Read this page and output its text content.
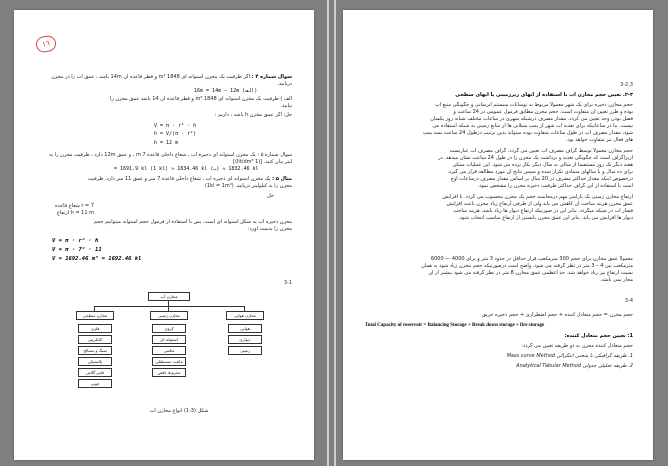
١٦
سوال شماره ۴ : اگر ظرفیت یک مخزن استوانه ای 1848 m³ و قطر قاعده آن 14m باشد ، عمق آب را در مخزن
دریابید.
16m = 14m − 12m (الف)
الف ) ظرفیت یک مخزن استوانه ای 1848 m³ و قطر قاعده آن 14 باشد عمق مخزن را
بیابید.
حل: اگر عمق مخزن h باشد ، داریم :
V = π · r² · h
h = V/(π · r²)
h = 12 m
سوال شماره ۵ : یک مخزن استوانه ای ذخیره آب ، شعاع داخلی قاعده 7 m ، و عمق 12m دارد ، ظرفیت مخزن را به
لیتر بیان کنید. [(1 lit/dm³)]
= 1691.9 kl (1 kl) ≈ 1834.46 kl (ب) ≈ 1832.46 kl
مثال ۵ : یک مخزن استوانه ای ذخیره آب ، شعاع داخلی قاعده 7 متر و عمق 11 متر دارد. ظرفیت
مخزن را به کیلولیتر دریابید. (1kl = 1m³)
حل
r = 7 شعاع قاعده
h = 11 m ارتفاع
مخزن ذخیره آب به شکل استوانه ای است. پس با استفاده از فرمول حجم استوانه میتوانیم حجم
مخزن را بدست آورد:
V = π · r² · h
V = π · 7² · 11
V = 1692.46 m³ = 1692.46 kl
3-1
مخازن آب
مخازن سطحی	مخازن زمینی	مخازن هوایی
فلزی
کانکریتی
سنگ و مسالح
پلاستیکی
فایبر گلاس
چوبی
کروی
استوانه ای
مکعبی
مکعب مستطیلی
مخروط ناقص
هوایی
دیواری
زمینی
شکل (3-1) انواع مخازن آب
3-2,3
۲-۳. تعیین حجم مخازن آب با استفاده از آبهای زیرزمینی یا آبهای سطحی
حجم مخازن ذخیره برای یک شهر معمولاً مربوط به نوسانات سیستم آبرسانی و چگونگی منبع آب
بوده و طرز تعیین آن متفاوت است. حجم مخزن مطابق فرمول عمومی در 24 ساعت و
فصل بودن وجه تعیین می کردد. مقدار مصرف درشبکه شهری در ساعات مختلف شبانه روز یکسان
نیست. بنا در ساعاتیکه برای تغذیه آب شهر از پمپ سیلابی ها از منابع زمینی به شبکه استفاده می
شود، مقدار مصرف آب در طول ساعات متفاوت بوده میتواند بدین ترتیب درطول 24 ساعت نمبه پمپ
های فعال نیز متفاوت خواهد بود.
حجم مخازن معمولاً توسط گراف مصرف آب تعیین می گردد. گراف مصرف آب عبارتست
ازیراگراف است که چگونگی تغذیه و برداشت یک مخزن را در طول 24 ساعت نشان میدهد. در
هفته دیگر یک روز مستقیماً از سالی به سال دیگر بکار برده می شود. این عملیات ممکن
برای ده سال و یا سالهای متمادی تکرار شده و سپس نتایج آن مورد مطالعه قرار می گیرد.
درخصوص اینکه مقدار حداکثر مصرف در 20 سال بر اساس مقدار مصرف درساعات اوج
است با استفاده از این گراف حداکثر ظرفیت ذخیره مخزن را مشخص نمود.
ارتفاع مخازن زمینی یک پارامتر مهم درمحاسبه حجم یک مخزن محسوب می گردد. با افزایش
عمق مخزن هزینه ساخت آن کاهش می یابد ولی از طرفی ارتفاع زیاد مخزن باعث افزایش
فشار آب در شبکه میگردد. بنابر این در صورتیکه ارتفاع دیوار ها زیاد باشد، هزینه ساخت
دیوار ها افزایش می یابد. بنابر این عمق مخزن بایستی از ارتفاع مناسب انتخاب شود.
معمولاً عمق مخازن برای حجم 300 مترمکعب قرار حداقل در حدود 3 متر و برای 4000 — 6000
مترمکعب بین 4 – 3 متر در نظر گرفته می شود. واضح است درصورتیکه حجم مخزن زیاد شود به همان
نسبت ارتفاع نیز زیاد خواهد شد. حد اعظمی عمق مخازن 8 متر در نظر گرفته می شود بیشتر از آن
مجاز نمی باشد.
3-4
حجم مخزن = حجم متعادل کننده + حجم اضطراری + حجم ذخیره حریق
Total Capacity of reservoir = Balancing Storage + Break down storage + fire storage
1: تعیین حجم متعادل کننده:
حجم متعادل کننده مخزن به دو طریقه تعیین می گردد:
1. طریقه گرافیکی با منحنی انتگرالی Mass curve Method
2. طریقه تحلیلی جدولی Analytical Tabular Method
